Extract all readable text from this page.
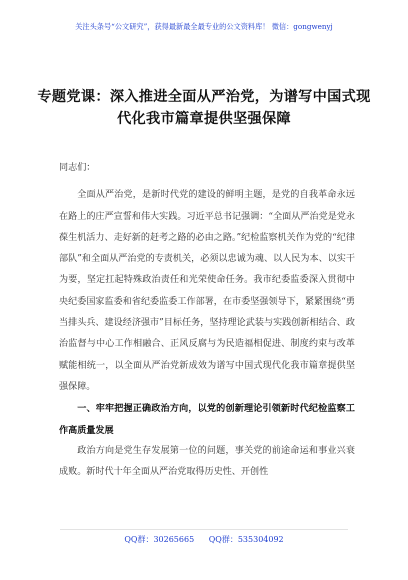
关注头条号“公文研究”，获得最新最全最专业的公文资料库！ 微信：gongwenyj
专题党课：深入推进全面从严治党，为谱写中国式现代化我市篇章提供坚强保障

同志们：

全面从严治党，是新时代党的建设的鲜明主题，是党的自我革命永远在路上的庄严宣誓和伟大实践。习近平总书记强调：“全面从严治党是党永葆生机活力、走好新的赶考之路的必由之路。”纪检监察机关作为党的“纪律部队”和全面从严治党的专责机关，必须以忠诚为魂、以人民为本、以实干为要，坚定扛起特殊政治责任和光荣使命任务。我市纪委监委深入贯彻中央纪委国家监委和省纪委监委工作部署，在市委坚强领导下，紧紧围绕“勇当排头兵、建设经济强市”目标任务，坚持理论武装与实践创新相结合、政治监督与中心工作相融合、正风反腐与为民造福相促进、制度约束与改革赋能相统一，以全面从严治党新成效为谱写中国式现代化我市篇章提供坚强保障。

一、牢牢把握正确政治方向，以党的创新理论引领新时代纪检监察工作高质量发展

政治方向是党生存发展第一位的问题，事关党的前途命运和事业兴衰成败。新时代十年全面从严治党取得历史性、开创性

QQ群：30265665 QQ群：535304092
